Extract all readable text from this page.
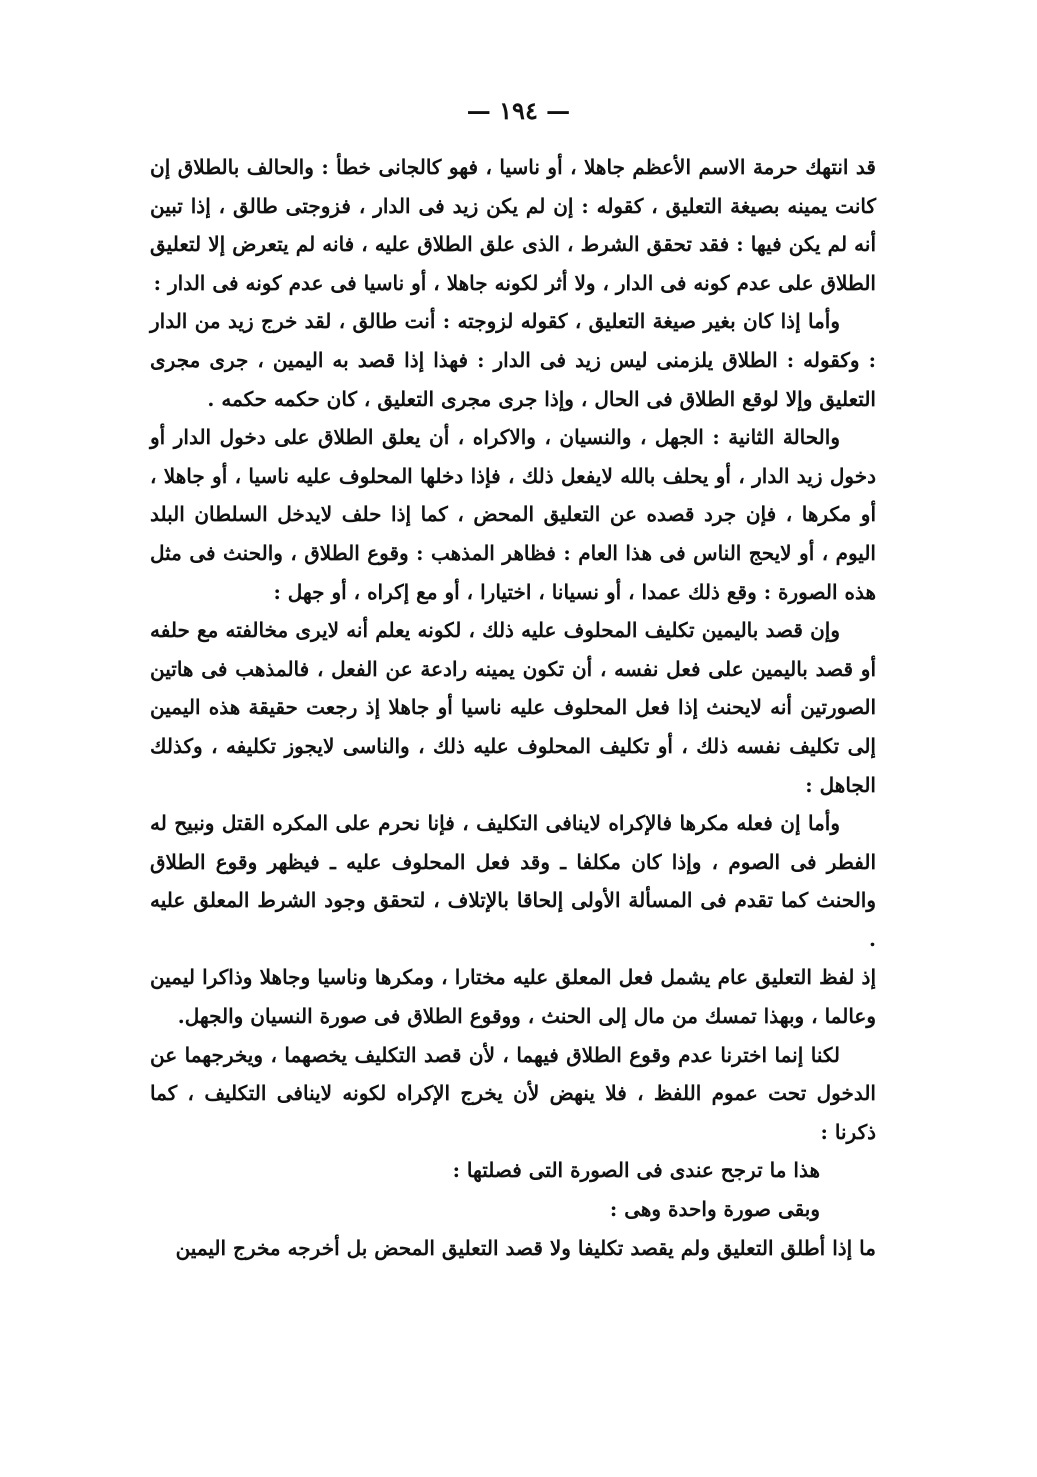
— ١٩٤ —

قد انتهك حرمة الاسم الأعظم جاهلا ، أو ناسيا ، فهو كالجانى خطأ : والحالف بالطلاق إن كانت يمينه بصيغة التعليق ، كقوله : إن لم يكن زيد فى الدار ، فزوجتى طالق ، إذا تبين أنه لم يكن فيها : فقد تحقق الشرط ، الذى علق الطلاق عليه ، فانه لم يتعرض إلا لتعليق الطلاق على عدم كونه فى الدار ، ولا أثر لكونه جاهلا ، أو ناسيا فى عدم كونه فى الدار :

وأما إذا كان بغير صيغة التعليق ، كقوله لزوجته : أنت طالق ، لقد خرج زيد من الدار : وكقوله : الطلاق يلزمنى ليس زيد فى الدار : فهذا إذا قصد به اليمين ، جرى مجرى التعليق وإلا لوقع الطلاق فى الحال ، وإذا جرى مجرى التعليق ، كان حكمه حكمه .

والحالة الثانية : الجهل ، والنسيان ، والاكراه ، أن يعلق الطلاق على دخول الدار أو دخول زيد الدار ، أو يحلف بالله لايفعل ذلك ، فإذا دخلها المحلوف عليه ناسيا ، أو جاهلا ، أو مكرها ، فإن جرد قصده عن التعليق المحض ، كما إذا حلف لايدخل السلطان البلد اليوم ، أو لايحج الناس فى هذا العام : فظاهر المذهب : وقوع الطلاق ، والحنث فى مثل هذه الصورة : وقع ذلك عمدا ، أو نسيانا ، اختيارا ، أو مع إكراه ، أو جهل :

وإن قصد باليمين تكليف المحلوف عليه ذلك ، لكونه يعلم أنه لايرى مخالفته مع حلفه أو قصد باليمين على فعل نفسه ، أن تكون يمينه رادعة عن الفعل ، فالمذهب فى هاتين الصورتين أنه لايحنث إذا فعل المحلوف عليه ناسيا أو جاهلا إذ رجعت حقيقة هذه اليمين إلى تكليف نفسه ذلك ، أو تكليف المحلوف عليه ذلك ، والناسى لايجوز تكليفه ، وكذلك الجاهل :

وأما إن فعله مكرها فالإكراه لاينافى التكليف ، فإنا نحرم على المكره القتل ونبيح له الفطر فى الصوم ، وإذا كان مكلفا ـ وقد فعل المحلوف عليه ـ فيظهر وقوع الطلاق والحنث كما تقدم فى المسألة الأولى إلحاقا بالإتلاف ، لتحقق وجود الشرط المعلق عليه .

إذ لفظ التعليق عام يشمل فعل المعلق عليه مختارا ، ومكرها وناسيا وجاهلا وذاكرا ليمين وعالما ، وبهذا تمسك من مال إلى الحنث ، ووقوع الطلاق فى صورة النسيان والجهل.

لكنا إنما اخترنا عدم وقوع الطلاق فيهما ، لأن قصد التكليف يخصهما ، ويخرجهما عن الدخول تحت عموم اللفظ ، فلا ينهض لأن يخرج الإكراه لكونه لاينافى التكليف ، كما ذكرنا :

هذا ما ترجح عندى فى الصورة التى فصلتها :

وبقى صورة واحدة وهى :

ما إذا أطلق التعليق ولم يقصد تكليفا ولا قصد التعليق المحض بل أخرجه مخرج اليمين
